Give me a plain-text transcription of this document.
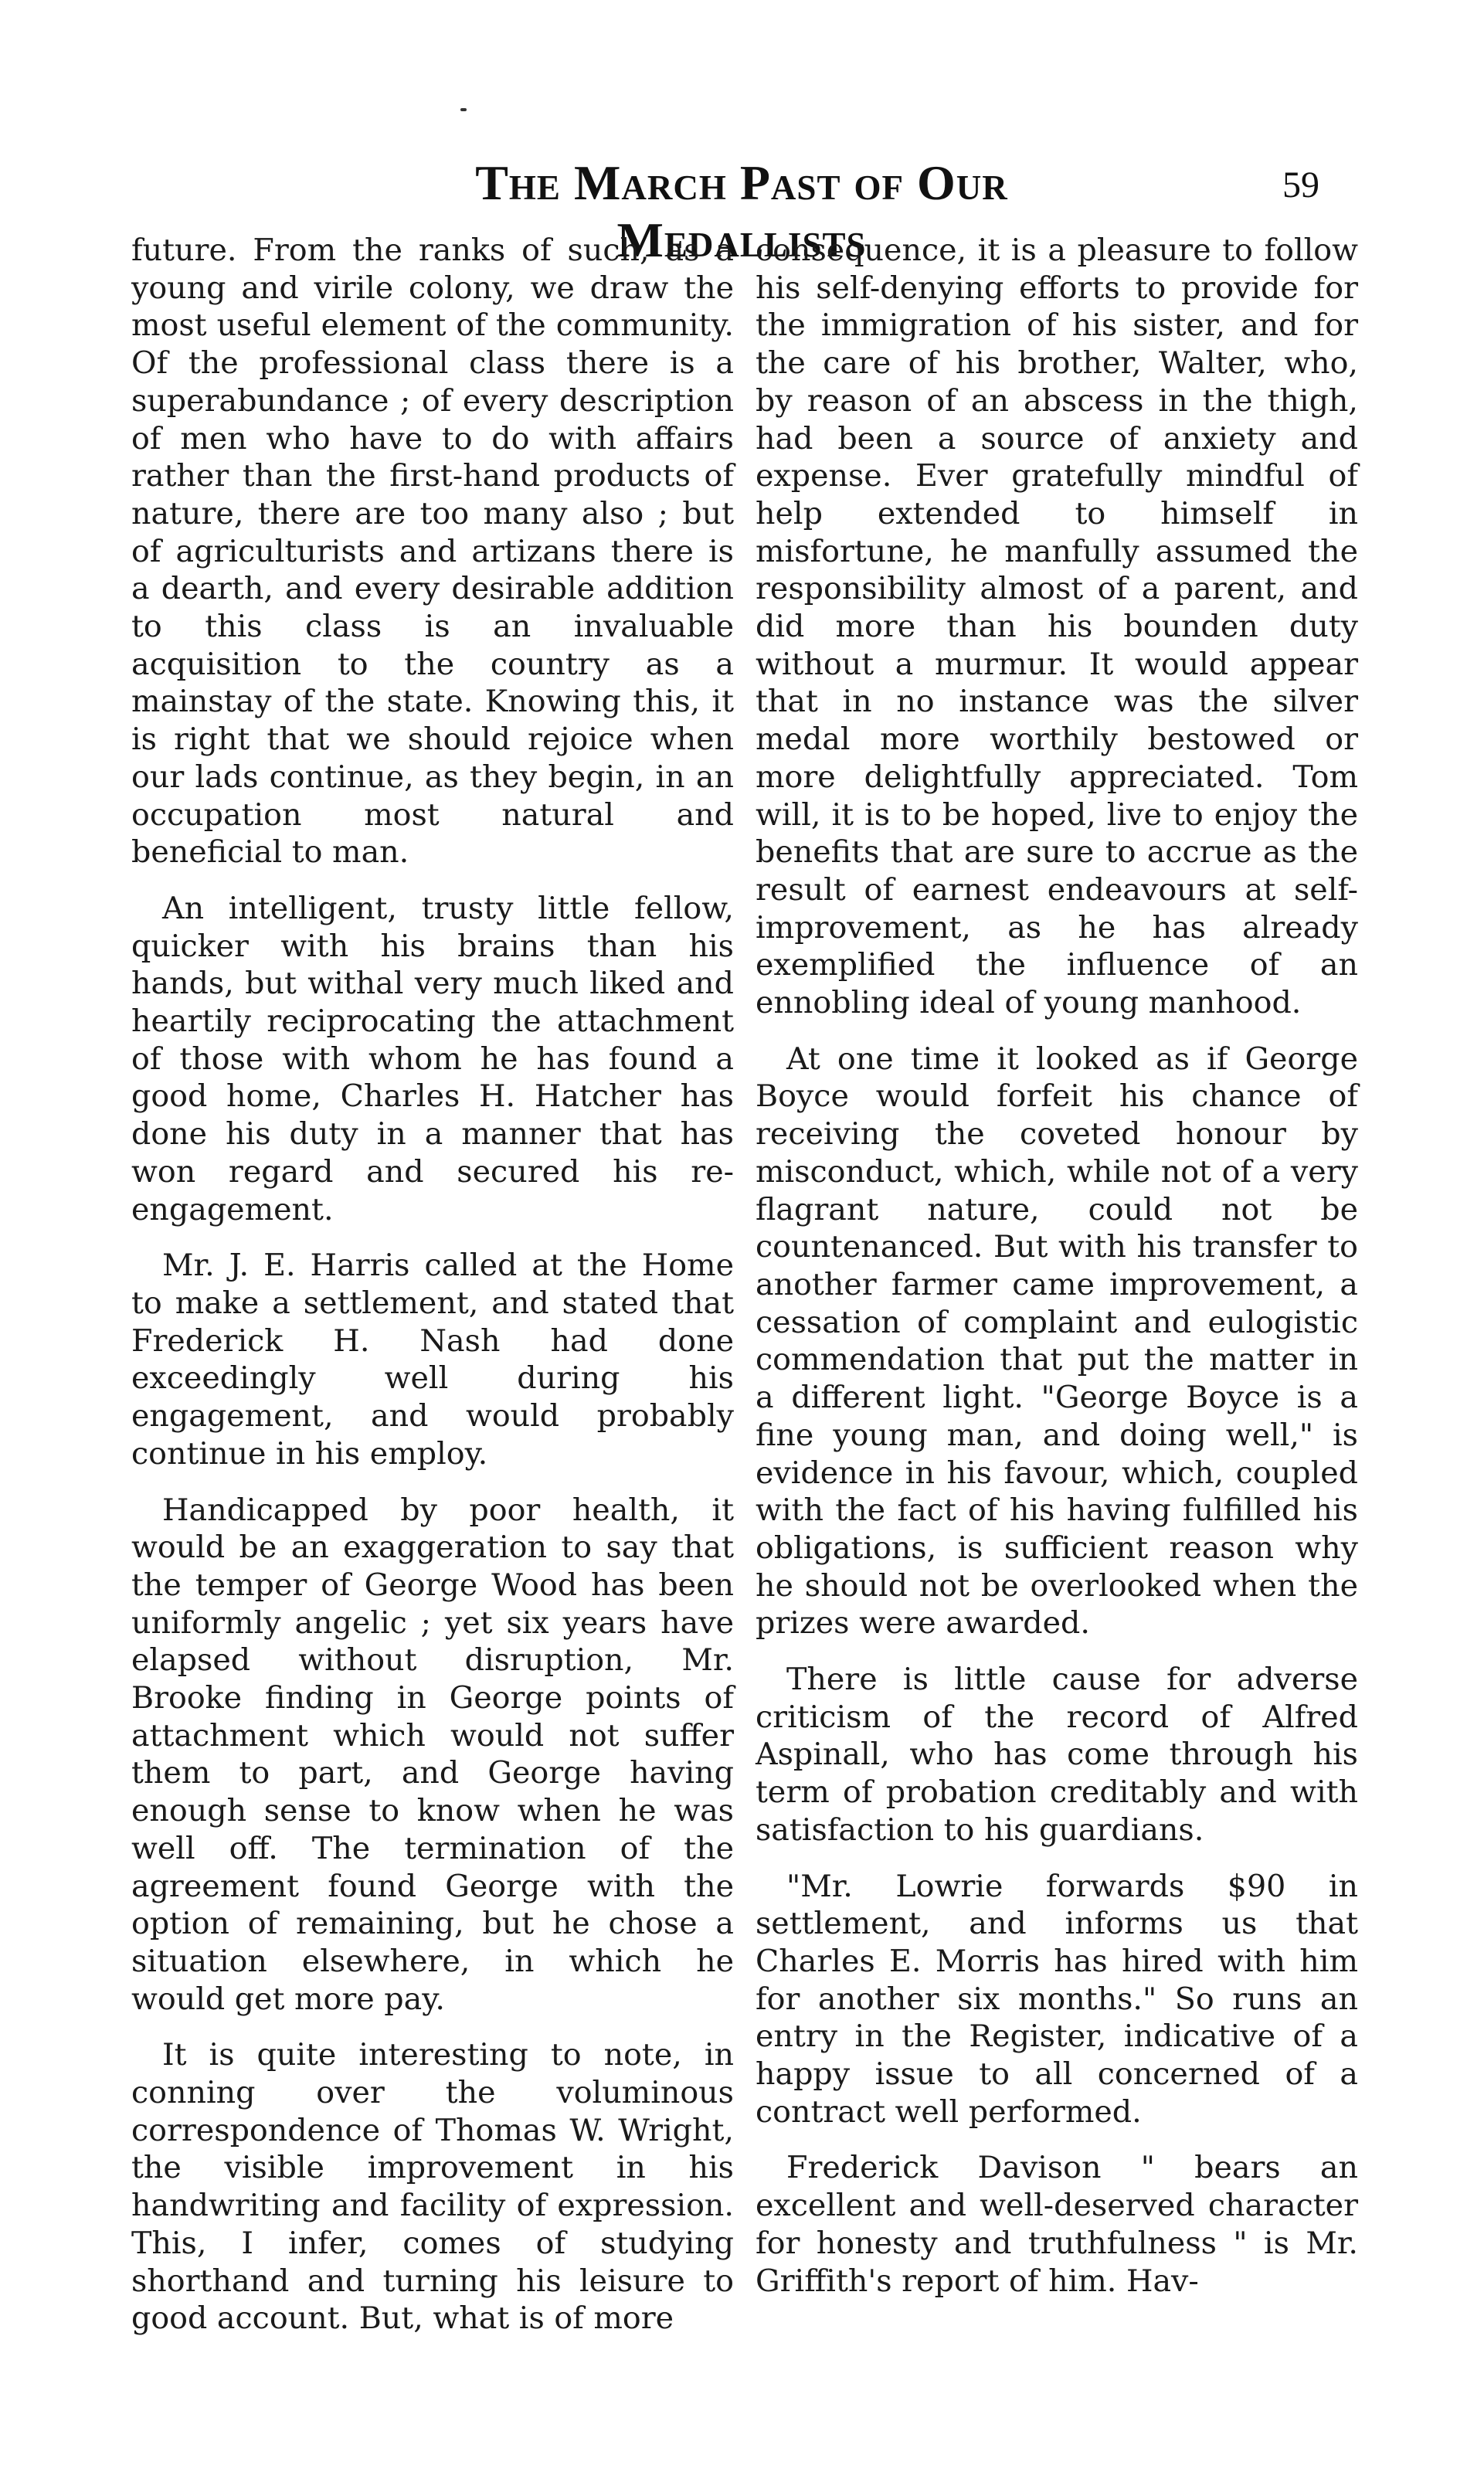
The March Past of Our Medallists
59

future. From the ranks of such, as a young and virile colony, we draw the most useful element of the community. Of the professional class there is a superabundance ; of every description of men who have to do with affairs rather than the first-hand products of nature, there are too many also ; but of agriculturists and artizans there is a dearth, and every desirable addition to this class is an invaluable acquisition to the country as a mainstay of the state. Knowing this, it is right that we should rejoice when our lads continue, as they begin, in an occupation most natural and beneficial to man.

An intelligent, trusty little fellow, quicker with his brains than his hands, but withal very much liked and heartily reciprocating the attachment of those with whom he has found a good home, Charles H. Hatcher has done his duty in a manner that has won regard and secured his re-engagement.

Mr. J. E. Harris called at the Home to make a settlement, and stated that Frederick H. Nash had done exceedingly well during his engagement, and would probably continue in his employ.

Handicapped by poor health, it would be an exaggeration to say that the temper of George Wood has been uniformly angelic ; yet six years have elapsed without disruption, Mr. Brooke finding in George points of attachment which would not suffer them to part, and George having enough sense to know when he was well off. The termination of the agreement found George with the option of remaining, but he chose a situation elsewhere, in which he would get more pay.

It is quite interesting to note, in conning over the voluminous correspondence of Thomas W. Wright, the visible improvement in his handwriting and facility of expression. This, I infer, comes of studying shorthand and turning his leisure to good account. But, what is of more

consequence, it is a pleasure to follow his self-denying efforts to provide for the immigration of his sister, and for the care of his brother, Walter, who, by reason of an abscess in the thigh, had been a source of anxiety and expense. Ever gratefully mindful of help extended to himself in misfortune, he manfully assumed the responsibility almost of a parent, and did more than his bounden duty without a murmur. It would appear that in no instance was the silver medal more worthily bestowed or more delightfully appreciated. Tom will, it is to be hoped, live to enjoy the benefits that are sure to accrue as the result of earnest endeavours at self-improvement, as he has already exemplified the influence of an ennobling ideal of young manhood.

At one time it looked as if George Boyce would forfeit his chance of receiving the coveted honour by misconduct, which, while not of a very flagrant nature, could not be countenanced. But with his transfer to another farmer came improvement, a cessation of complaint and eulogistic commendation that put the matter in a different light. "George Boyce is a fine young man, and doing well," is evidence in his favour, which, coupled with the fact of his having fulfilled his obligations, is sufficient reason why he should not be overlooked when the prizes were awarded.

There is little cause for adverse criticism of the record of Alfred Aspinall, who has come through his term of probation creditably and with satisfaction to his guardians.

"Mr. Lowrie forwards $90 in settlement, and informs us that Charles E. Morris has hired with him for another six months." So runs an entry in the Register, indicative of a happy issue to all concerned of a contract well performed.

Frederick Davison " bears an excellent and well-deserved character for honesty and truthfulness " is Mr. Griffith's report of him. Hav-
